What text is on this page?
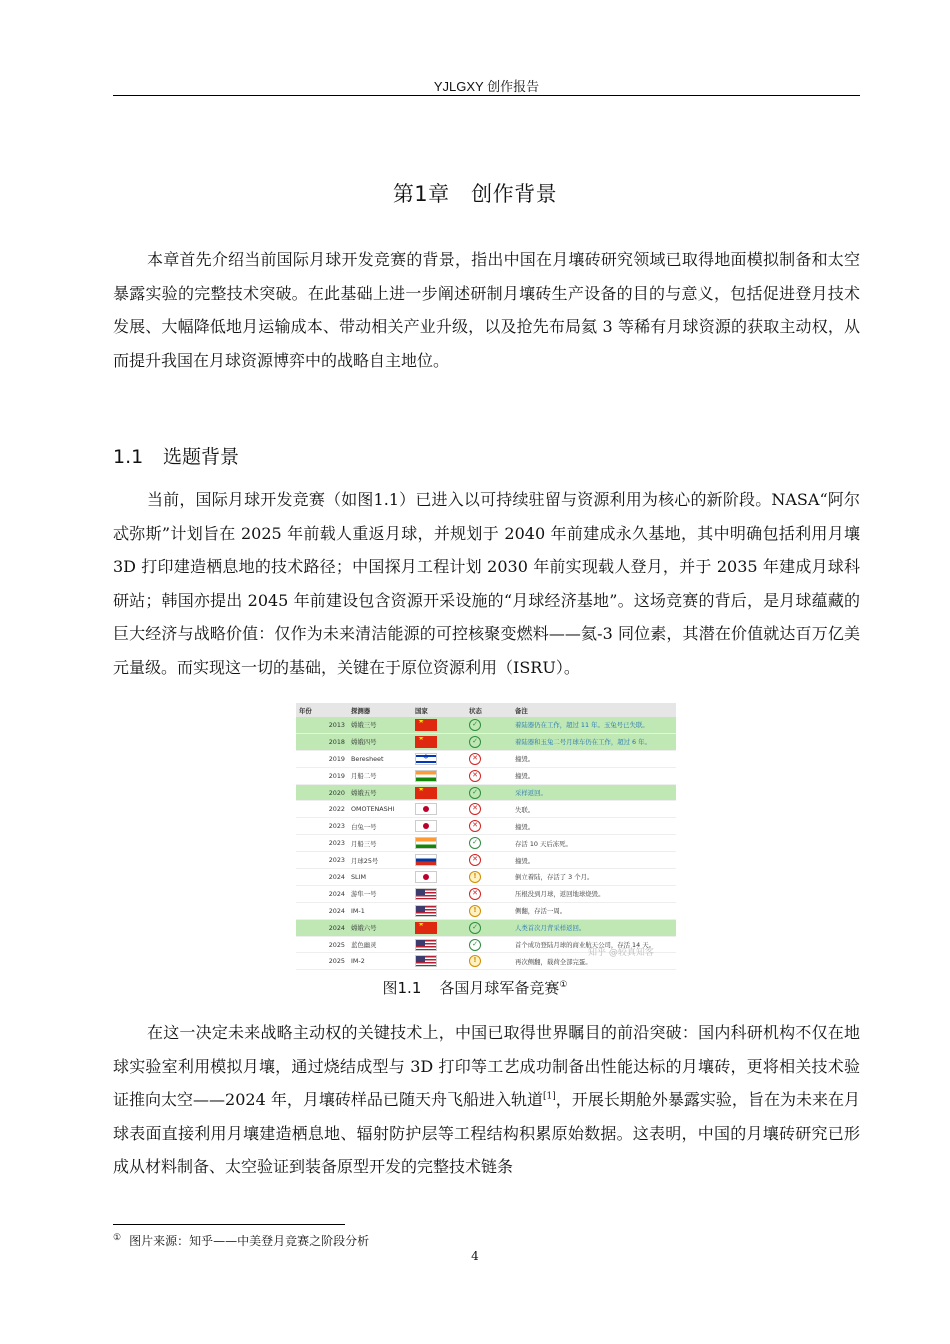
YJLGXY 创作报告
第1章　创作背景
本章首先介绍当前国际月球开发竞赛的背景，指出中国在月壤砖研究领域已取得地面模拟制备和太空暴露实验的完整技术突破。在此基础上进一步阐述研制月壤砖生产设备的目的与意义，包括促进登月技术发展、大幅降低地月运输成本、带动相关产业升级，以及抢先布局氦 3 等稀有月球资源的获取主动权，从而提升我国在月球资源博弈中的战略自主地位。
1.1 选题背景
当前，国际月球开发竞赛（如图1.1）已进入以可持续驻留与资源利用为核心的新阶段。NASA“阿尔忒弥斯”计划旨在 2025 年前载人重返月球，并规划于 2040 年前建成永久基地，其中明确包括利用月壤 3D 打印建造栖息地的技术路径；中国探月工程计划 2030 年前实现载人登月，并于 2035 年建成月球科研站；韩国亦提出 2045 年前建设包含资源开采设施的“月球经济基地”。这场竞赛的背后，是月球蕴藏的巨大经济与战略价值：仅作为未来清洁能源的可控核聚变燃料——氦-3 同位素，其潜在价值就达百万亿美元量级。而实现这一切的基础，关键在于原位资源利用（ISRU）。
年份	探测器	国家	状态	备注
2013	嫦娥三号	★	✓	着陆器仍在工作，超过 11 年。玉兔号已失联。
2018	嫦娥四号	★	✓	着陆器和玉兔二号月球车仍在工作，超过 6 年。
2019	Beresheet	✡	✕	撞毁。
2019	月船二号		✕	撞毁。
2020	嫦娥五号	★	✓	采样返回。
2022	OMOTENASHI		✕	失联。
2023	白兔一号		✕	撞毁。
2023	月船三号		✓	存活 10 天后冻死。
2023	月球25号		✕	撞毁。
2024	SLIM		!	倒立着陆，存活了 3 个月。
2024	游隼一号		✕	压根没到月球，返回地球烧毁。
2024	IM-1		!	侧翻，存活一周。
2024	嫦娥六号	★	✓	人类首次月背采样返回。
2025	蓝色幽灵		✓	首个成功登陆月球的商业航天公司，存活 14 天。
2025	IM-2		!	再次侧翻，载荷全部完蛋。
知乎 @较真知客
图1.1 各国月球军备竞赛①
在这一决定未来战略主动权的关键技术上，中国已取得世界瞩目的前沿突破：国内科研机构不仅在地球实验室利用模拟月壤，通过烧结成型与 3D 打印等工艺成功制备出性能达标的月壤砖，更将相关技术验证推向太空——2024 年，月壤砖样品已随天舟飞船进入轨道[1]，开展长期舱外暴露实验，旨在为未来在月球表面直接利用月壤建造栖息地、辐射防护层等工程结构积累原始数据。这表明，中国的月壤砖研究已形成从材料制备、太空验证到装备原型开发的完整技术链条
① 图片来源：知乎——中美登月竞赛之阶段分析
4
